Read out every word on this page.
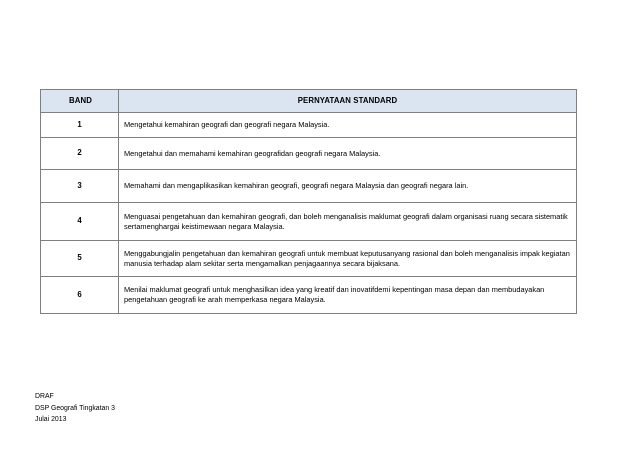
BAND	PERNYATAAN STANDARD
1	Mengetahui kemahiran geografi dan geografi negara Malaysia.
2	Mengetahui dan memahami kemahiran geografidan geografi negara Malaysia.
3	Memahami dan mengaplikasikan kemahiran geografi, geografi negara Malaysia dan geografi negara lain.
4	Menguasai pengetahuan dan kemahiran geografi, dan boleh menganalisis maklumat geografi dalam organisasi ruang secara sistematik sertamenghargai keistimewaan negara Malaysia.
5	Menggabungjalin pengetahuan dan kemahiran geografi untuk membuat keputusanyang rasional dan boleh menganalisis impak kegiatan manusia terhadap alam sekitar serta mengamalkan penjagaannya secara bijaksana.
6	Menilai maklumat geografi untuk menghasilkan idea yang kreatif dan inovatifdemi kepentingan masa depan dan membudayakan pengetahuan geografi ke arah memperkasa negara Malaysia.
DRAF
DSP Geografi Tingkatan 3
Julai 2013
